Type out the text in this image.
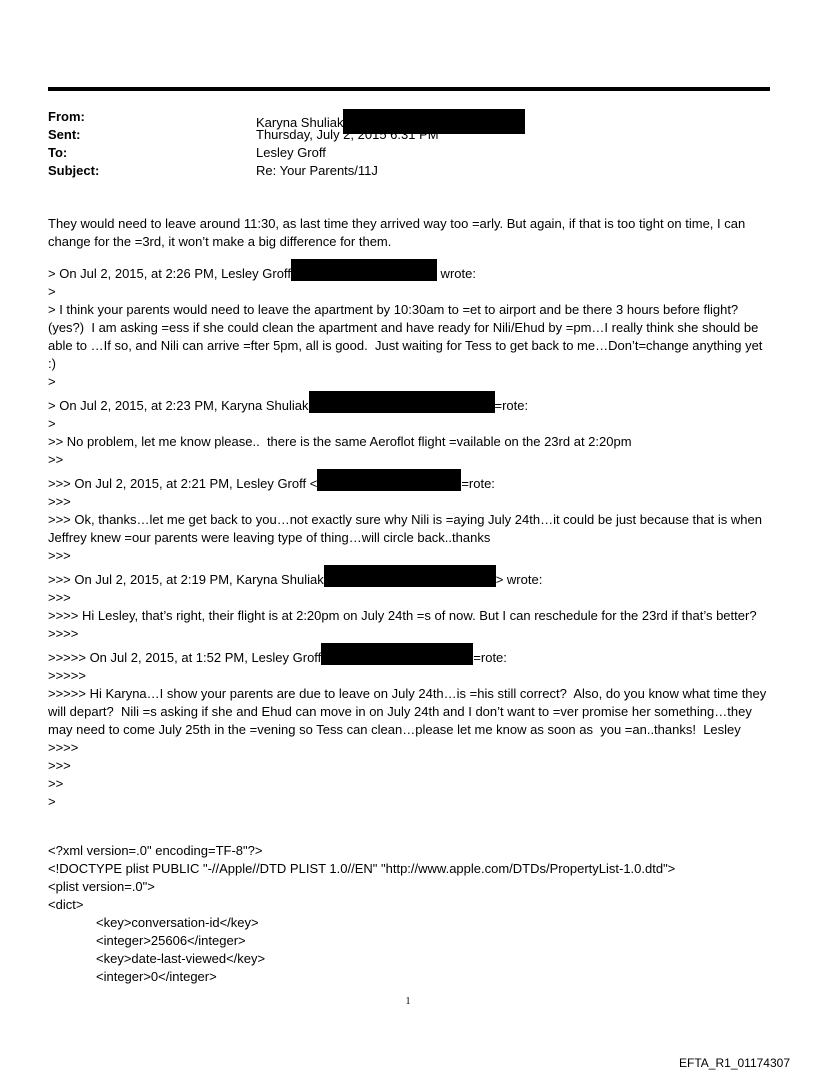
From:	Karyna Shuliak
Sent:	Thursday, July 2, 2015 6:31 PM
To:	Lesley Groff
Subject:	Re: Your Parents/11J

They would need to leave around 11:30, as last time they arrived way too =arly. But again, if that is too tight on time, I can change for the =3rd, it won’t make a big difference for them.

> On Jul 2, 2015, at 2:26 PM, Lesley Groff	wrote:

>

> I think your parents would need to leave the apartment by 10:30am to =et to airport and be there 3 hours before flight? (yes?)  I am asking =ess if she could clean the apartment and have ready for Nili/Ehud by =pm…I really think she should be able to …If so, and Nili can arrive =fter 5pm, all is good.  Just waiting for Tess to get back to me…Don’t=change anything yet :)

>

> On Jul 2, 2015, at 2:23 PM, Karyna Shuliak	=rote:

>

>> No problem, let me know please..  there is the same Aeroflot flight =vailable on the 23rd at 2:20pm

>>

>>> On Jul 2, 2015, at 2:21 PM, Lesley Groff <	=rote:

>>>

>>> Ok, thanks…let me get back to you…not exactly sure why Nili is =aying July 24th…it could be just because that is when Jeffrey knew =our parents were leaving type of thing…will circle back..thanks

>>>

>>> On Jul 2, 2015, at 2:19 PM, Karyna Shuliak	> wrote:

>>>

>>>> Hi Lesley, that’s right, their flight is at 2:20pm on July 24th =s of now. But I can reschedule for the 23rd if that’s better?

>>>>

>>>>> On Jul 2, 2015, at 1:52 PM, Lesley Groff	=rote:

>>>>>

>>>>> Hi Karyna…I show your parents are due to leave on July 24th…is =his still correct?  Also, do you know what time they will depart?  Nili =s asking if she and Ehud can move in on July 24th and I don’t want to =ver promise her something…they may need to come July 25th in the =vening so Tess can clean…please let me know as soon as  you =an..thanks!  Lesley

>>>>

>>>

>>

>

<?xml version=.0" encoding=TF-8"?>

<!DOCTYPE plist PUBLIC "-//Apple//DTD PLIST 1.0//EN" "http://www.apple.com/DTDs/PropertyList-1.0.dtd">

<plist version=.0">

<dict>

<key>conversation-id</key>

<integer>25606</integer>

<key>date-last-viewed</key>

<integer>0</integer>

1
EFTA_R1_01174307
